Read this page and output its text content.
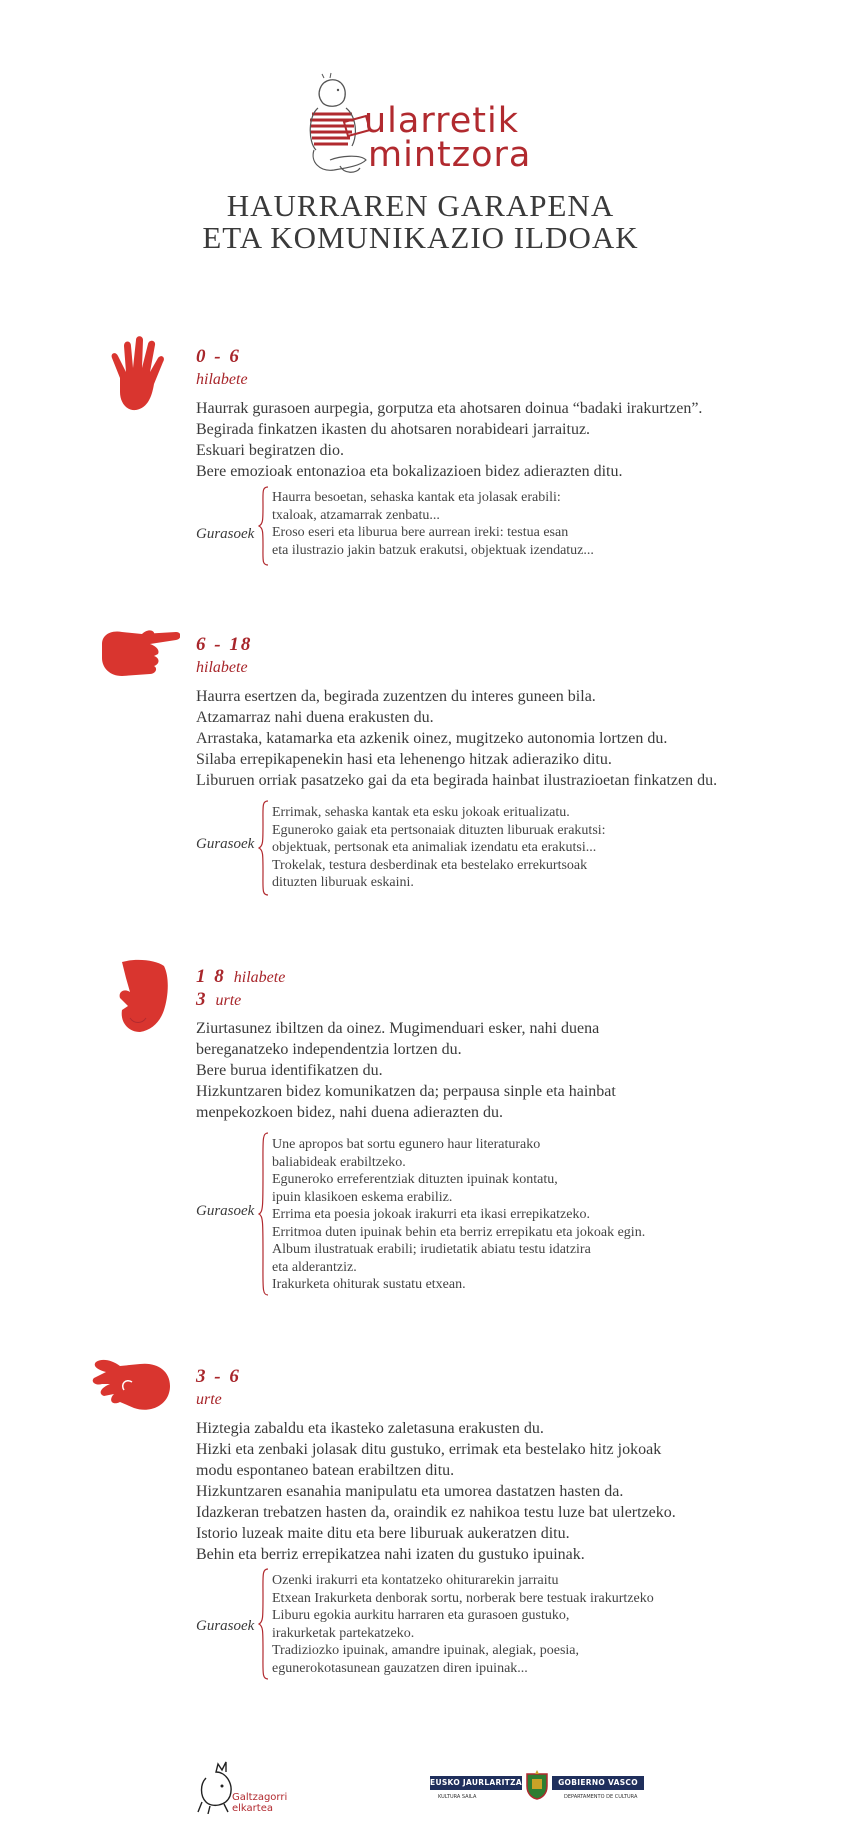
ularretik
mintzora
HAURRAREN GARAPENA
ETA KOMUNIKAZIO ILDOAK
0 - 6
hilabete
Haurrak gurasoen aurpegia, gorputza eta ahotsaren doinua “badaki irakurtzen”.
Begirada finkatzen ikasten du ahotsaren norabideari jarraituz.
Eskuari begiratzen dio.
Bere emozioak entonazioa eta bokalizazioen bidez adierazten ditu.
Gurasoek
Haurra besoetan, sehaska kantak eta jolasak erabili:
txaloak, atzamarrak zenbatu...
Eroso eseri eta liburua bere aurrean ireki: testua esan
eta ilustrazio jakin batzuk erakutsi, objektuak izendatuz...
6 - 18
hilabete
Haurra esertzen da, begirada zuzentzen du interes guneen bila.
Atzamarraz nahi duena erakusten du.
Arrastaka, katamarka eta azkenik oinez, mugitzeko autonomia lortzen du.
Silaba errepikapenekin hasi eta lehenengo hitzak adieraziko ditu.
Liburuen orriak pasatzeko gai da eta begirada hainbat ilustrazioetan finkatzen du.
Gurasoek
Errimak, sehaska kantak eta esku jokoak eritualizatu.
Eguneroko gaiak eta pertsonaiak dituzten liburuak erakutsi:
objektuak, pertsonak eta animaliak izendatu eta erakutsi...
Trokelak, testura desberdinak eta bestelako errekurtsoak
dituzten liburuak eskaini.
1 8 hilabete
3 urte
Ziurtasunez ibiltzen da oinez. Mugimenduari esker, nahi duena
bereganatzeko independentzia lortzen du.
Bere burua identifikatzen du.
Hizkuntzaren bidez komunikatzen da; perpausa sinple eta hainbat
menpekozkoen bidez, nahi duena adierazten du.
Gurasoek
Une apropos bat sortu egunero haur literaturako
baliabideak erabiltzeko.
Eguneroko erreferentziak dituzten ipuinak kontatu,
ipuin klasikoen eskema erabiliz.
Errima eta poesia jokoak irakurri eta ikasi errepikatzeko.
Erritmoa duten ipuinak behin eta berriz errepikatu eta jokoak egin.
Album ilustratuak erabili; irudietatik abiatu testu idatzira
eta alderantziz.
Irakurketa ohiturak sustatu etxean.
3 - 6
urte
Hiztegia zabaldu eta ikasteko zaletasuna erakusten du.
Hizki eta zenbaki jolasak ditu gustuko, errimak eta bestelako hitz jokoak
modu espontaneo batean erabiltzen ditu.
Hizkuntzaren esanahia manipulatu eta umorea dastatzen hasten da.
Idazkeran trebatzen hasten da, oraindik ez nahikoa testu luze bat ulertzeko.
Istorio luzeak maite ditu eta bere liburuak aukeratzen ditu.
Behin eta berriz errepikatzea nahi izaten du gustuko ipuinak.
Gurasoek
Ozenki irakurri eta kontatzeko ohiturarekin jarraitu
Etxean Irakurketa denborak sortu, norberak bere testuak irakurtzeko
Liburu egokia aurkitu harraren eta gurasoen gustuko,
irakurketak partekatzeko.
Tradiziozko ipuinak, amandre ipuinak, alegiak, poesia,
egunerokotasunean gauzatzen diren ipuinak...
Galtzagorri
elkartea
EUSKO JAURLARITZA	GOBIERNO VASCO
KULTURA SAILA	DEPARTAMENTO DE CULTURA
